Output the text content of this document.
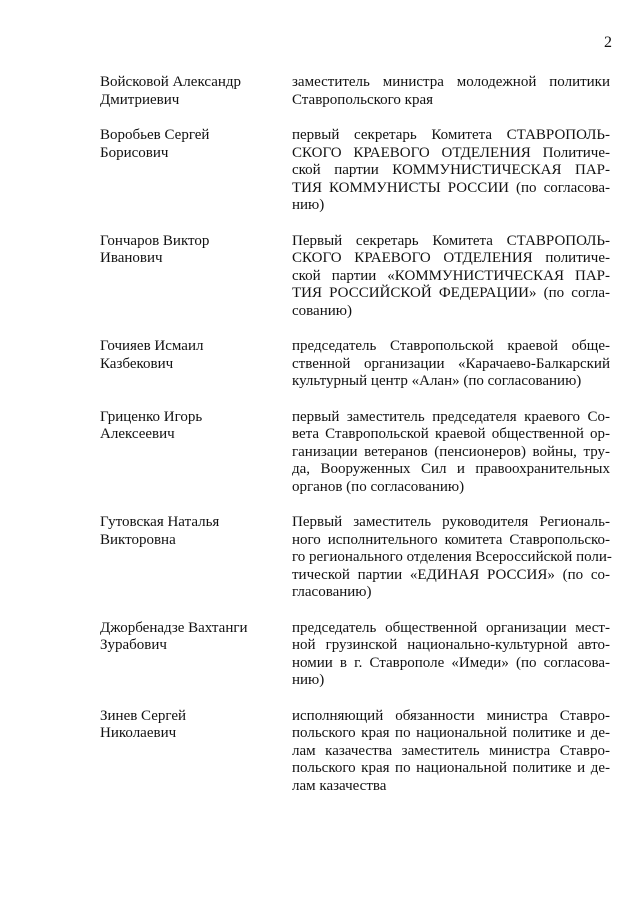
2
Войсковой Александр
Дмитриевич
заместитель министра молодежной политики
Ставропольского края
Воробьев Сергей
Борисович
первый секретарь Комитета СТАВРОПОЛЬ-
СКОГО КРАЕВОГО ОТДЕЛЕНИЯ Политиче-
ской партии КОММУНИСТИЧЕСКАЯ ПАР-
ТИЯ КОММУНИСТЫ РОССИИ (по согласова-
нию)
Гончаров Виктор
Иванович
Первый секретарь Комитета СТАВРОПОЛЬ-
СКОГО КРАЕВОГО ОТДЕЛЕНИЯ политиче-
ской партии «КОММУНИСТИЧЕСКАЯ ПАР-
ТИЯ РОССИЙСКОЙ ФЕДЕРАЦИИ» (по согла-
сованию)
Гочияев Исмаил
Казбекович
председатель Ставропольской краевой обще-
ственной организации «Карачаево-Балкарский
культурный центр «Алан» (по согласованию)
Гриценко Игорь
Алексеевич
первый заместитель председателя краевого Со-
вета Ставропольской краевой общественной ор-
ганизации ветеранов (пенсионеров) войны, тру-
да, Вооруженных Сил и правоохранительных
органов (по согласованию)
Гутовская Наталья
Викторовна
Первый заместитель руководителя Региональ-
ного исполнительного комитета Ставропольско-
го регионального отделения Всероссийской поли-
тической партии «ЕДИНАЯ РОССИЯ» (по со-
гласованию)
Джорбенадзе Вахтанги
Зурабович
председатель общественной организации мест-
ной грузинской национально-культурной авто-
номии в г. Ставрополе «Имеди» (по согласова-
нию)
Зинев Сергей
Николаевич
исполняющий обязанности министра Ставро-
польского края по национальной политике и де-
лам казачества заместитель министра Ставро-
польского края по национальной политике и де-
лам казачества
